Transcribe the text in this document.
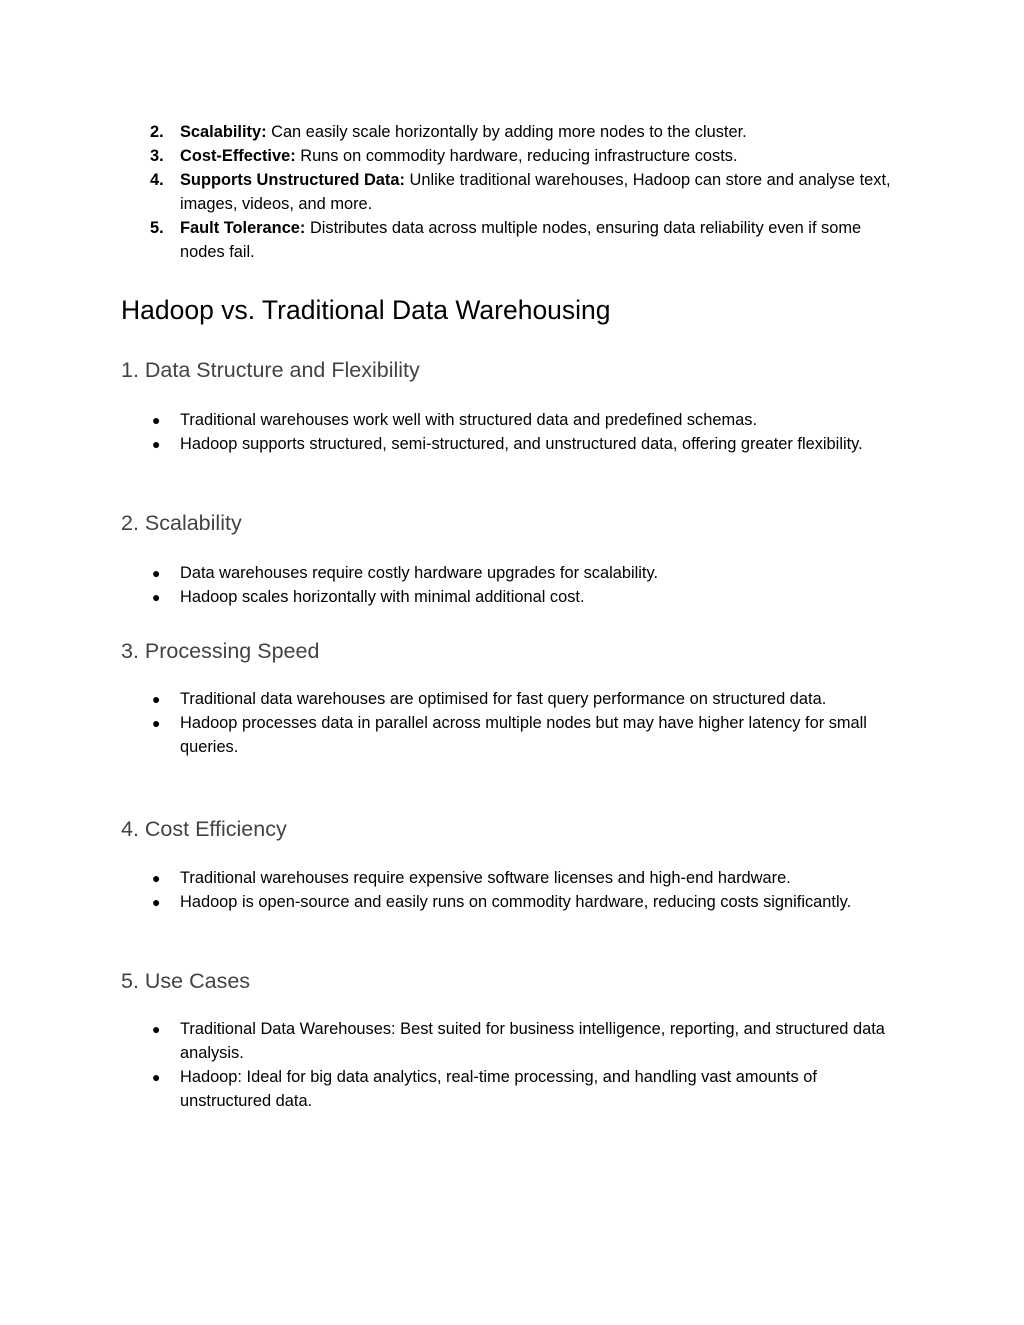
2. Scalability: Can easily scale horizontally by adding more nodes to the cluster.
3. Cost-Effective: Runs on commodity hardware, reducing infrastructure costs.
4. Supports Unstructured Data: Unlike traditional warehouses, Hadoop can store and analyse text, images, videos, and more.
5. Fault Tolerance: Distributes data across multiple nodes, ensuring data reliability even if some nodes fail.
Hadoop vs. Traditional Data Warehousing
1. Data Structure and Flexibility
● Traditional warehouses work well with structured data and predefined schemas.
● Hadoop supports structured, semi-structured, and unstructured data, offering greater flexibility.
2. Scalability
● Data warehouses require costly hardware upgrades for scalability.
● Hadoop scales horizontally with minimal additional cost.
3. Processing Speed
● Traditional data warehouses are optimised for fast query performance on structured data.
● Hadoop processes data in parallel across multiple nodes but may have higher latency for small queries.
4. Cost Efficiency
● Traditional warehouses require expensive software licenses and high-end hardware.
● Hadoop is open-source and easily runs on commodity hardware, reducing costs significantly.
5. Use Cases
● Traditional Data Warehouses: Best suited for business intelligence, reporting, and structured data analysis.
● Hadoop: Ideal for big data analytics, real-time processing, and handling vast amounts of unstructured data.
